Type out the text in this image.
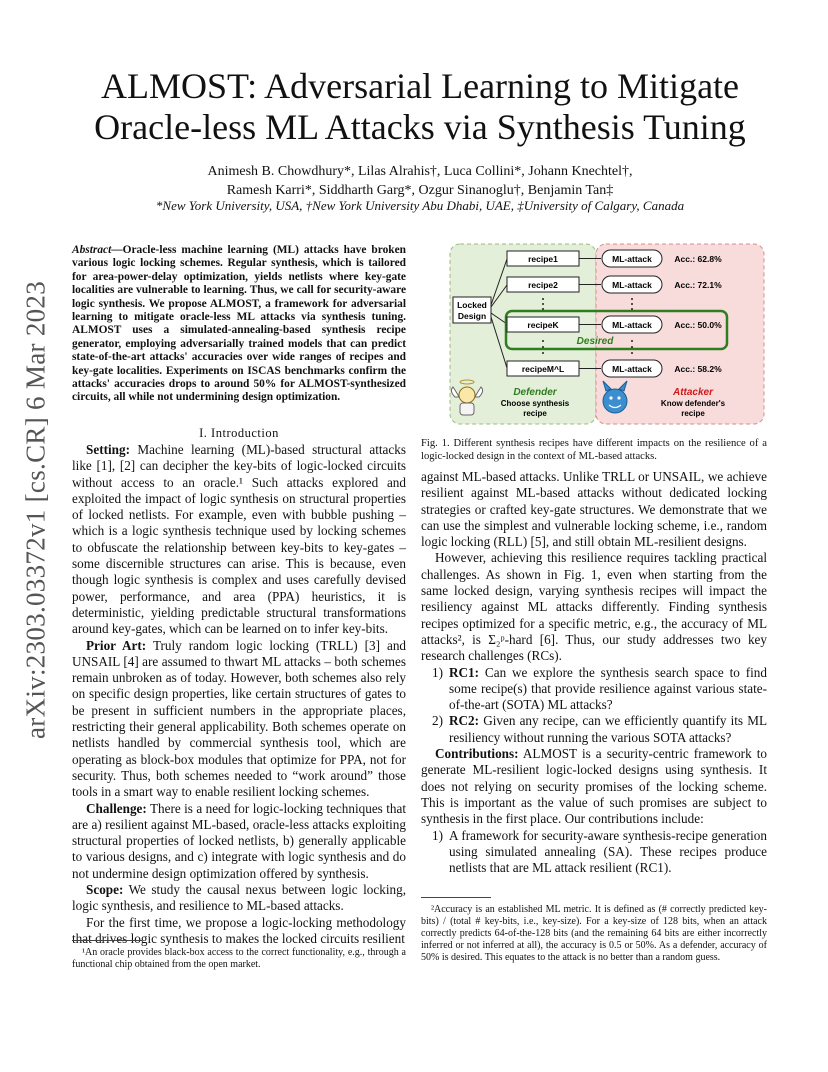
arXiv:2303.03372v1 [cs.CR] 6 Mar 2023
ALMOST: Adversarial Learning to Mitigate
Oracle-less ML Attacks via Synthesis Tuning
Animesh B. Chowdhury*, Lilas Alrahis†, Luca Collini*, Johann Knechtel†,
Ramesh Karri*, Siddharth Garg*, Ozgur Sinanoglu†, Benjamin Tan‡
*New York University, USA, †New York University Abu Dhabi, UAE, ‡University of Calgary, Canada
Abstract—Oracle-less machine learning (ML) attacks have broken various logic locking schemes. Regular synthesis, which is tailored for area-power-delay optimization, yields netlists where key-gate localities are vulnerable to learning. Thus, we call for security-aware logic synthesis. We propose ALMOST, a framework for adversarial learning to mitigate oracle-less ML attacks via synthesis tuning. ALMOST uses a simulated-annealing-based synthesis recipe generator, employing adversarially trained models that can predict state-of-the-art attacks' accuracies over wide ranges of recipes and key-gate localities. Experiments on ISCAS benchmarks confirm the attacks' accuracies drops to around 50% for ALMOST-synthesized circuits, all while not undermining design optimization.
I. Introduction

Setting: Machine learning (ML)-based structural attacks like [1], [2] can decipher the key-bits of logic-locked circuits without access to an oracle.¹ Such attacks explored and exploited the impact of logic synthesis on structural properties of locked netlists. For example, even with bubble pushing – which is a logic synthesis technique used by locking schemes to obfuscate the relationship between key-bits to key-gates – some discernible structures can arise. This is because, even though logic synthesis is complex and uses carefully devised power, performance, and area (PPA) heuristics, it is deterministic, yielding predictable structural transformations around key-gates, which can be learned on to infer key-bits.

Prior Art: Truly random logic locking (TRLL) [3] and UNSAIL [4] are assumed to thwart ML attacks – both schemes remain unbroken as of today. However, both schemes also rely on specific design properties, like certain structures of gates to be present in sufficient numbers in the appropriate places, restricting their general applicability. Both schemes operate on netlists handled by commercial synthesis tool, which are operating as block-box modules that optimize for PPA, not for security. Thus, both schemes needed to “work around” those tools in a smart way to enable resilient locking schemes.

Challenge: There is a need for logic-locking techniques that are a) resilient against ML-based, oracle-less attacks exploiting structural properties of locked netlists, b) generally applicable to various designs, and c) integrate with logic synthesis and do not undermine design optimization offered by synthesis.

Scope: We study the causal nexus between logic locking, logic synthesis, and resilience to ML-based attacks.

For the first time, we propose a logic-locking methodology that drives logic synthesis to makes the locked circuits resilient

¹An oracle provides black-box access to the correct functionality, e.g., through a functional chip obtained from the open market.

Locked
Design
Desired
recipe1	ML-attack	Acc.: 62.8%
recipe2	ML-attack	Acc.: 72.1%
recipeK	ML-attack	Acc.: 50.0%
recipeM^L	ML-attack	Acc.: 58.2%
Defender
Choose synthesis
recipe
Attacker
Know defender's
recipe
Fig. 1. Different synthesis recipes have different impacts on the resilience of a logic-locked design in the context of ML-based attacks.

against ML-based attacks. Unlike TRLL or UNSAIL, we achieve resilient against ML-based attacks without dedicated locking strategies or crafted key-gate structures. We demonstrate that we can use the simplest and vulnerable locking scheme, i.e., random logic locking (RLL) [5], and still obtain ML-resilient designs.

However, achieving this resilience requires tackling practical challenges. As shown in Fig. 1, even when starting from the same locked design, varying synthesis recipes will impact the resiliency against ML attacks differently. Finding synthesis recipes optimized for a specific metric, e.g., the accuracy of ML attacks², is Σ₂ᵖ-hard [6]. Thus, our study addresses two key research challenges (RCs).

1) RC1: Can we explore the synthesis search space to find some recipe(s) that provide resilience against various state-of-the-art (SOTA) ML attacks?
2) RC2: Given any recipe, can we efficiently quantify its ML resiliency without running the various SOTA attacks?

Contributions: ALMOST is a security-centric framework to generate ML-resilient logic-locked designs using synthesis. It does not relying on security promises of the locking scheme. This is important as the value of such promises are subject to synthesis in the first place. Our contributions include:

1) A framework for security-aware synthesis-recipe generation using simulated annealing (SA). These recipes produce netlists that are ML attack resilient (RC1).

²Accuracy is an established ML metric. It is defined as (# correctly predicted key-bits) / (total # key-bits, i.e., key-size). For a key-size of 128 bits, when an attack correctly predicts 64-of-the-128 bits (and the remaining 64 bits are either incorrectly inferred or not inferred at all), the accuracy is 0.5 or 50%. As a defender, accuracy of 50% is desired. This equates to the attack is no better than a random guess.
